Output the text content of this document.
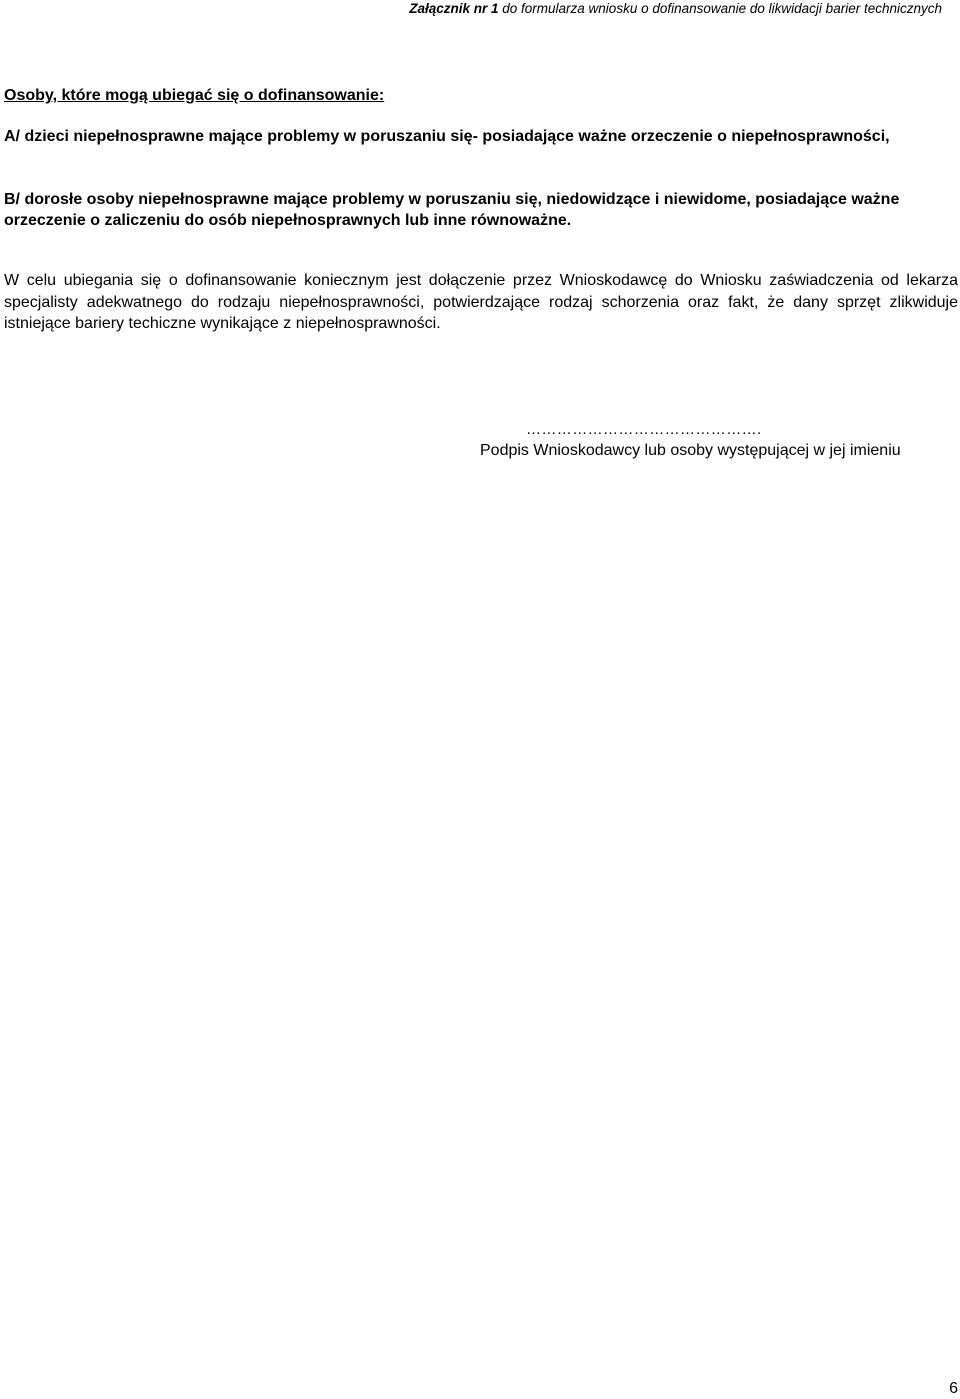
Załącznik nr 1 do formularza wniosku o dofinansowanie do likwidacji barier technicznych
Osoby, które mogą ubiegać się o dofinansowanie:
A/ dzieci niepełnosprawne mające problemy w poruszaniu się- posiadające ważne orzeczenie o niepełnosprawności,
B/ dorosłe osoby niepełnosprawne mające problemy w poruszaniu się, niedowidzące i niewidome, posiadające ważne orzeczenie o zaliczeniu do osób niepełnosprawnych lub inne równoważne.
W celu ubiegania się o dofinansowanie koniecznym jest dołączenie przez Wnioskodawcę do Wniosku zaświadczenia od lekarza specjalisty adekwatnego do rodzaju niepełnosprawności, potwierdzające rodzaj schorzenia oraz fakt, że dany sprzęt zlikwiduje istniejące bariery techiczne wynikające z niepełnosprawności.
……………………………………….
Podpis Wnioskodawcy lub osoby występującej w jej imieniu
6
